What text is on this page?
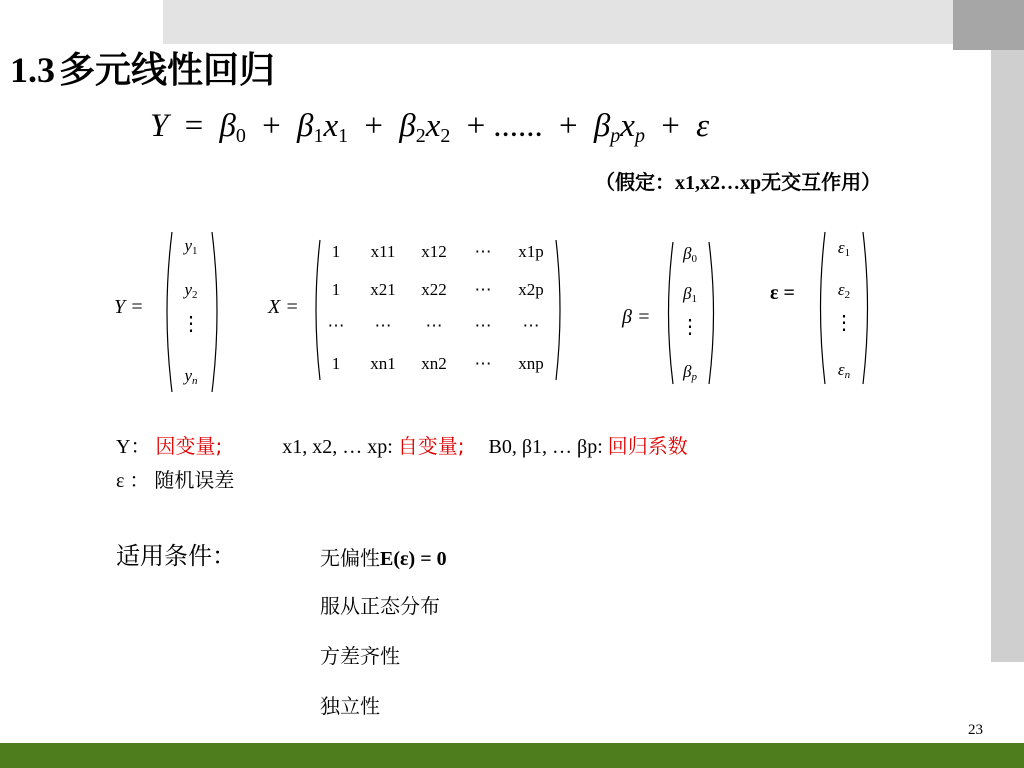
23
1.3 多元线性回归
$Y = \beta_0 + \beta_1x_1 + \beta_2x_2$ + ...... + $\beta_px_p + \varepsilon$
（假定：x1,x2…xp无交互作用）
Y =
$y_1$
$y_2$
⋮
$y_n$
X =
1 x11 x12 ⋯ x1p
1 x21 x22 ⋯ x2p
⋯ ⋯ ⋯ ⋯ ⋯
1 xn1 xn2 ⋯ xnp
β =
$\beta_0$
$\beta_1$
⋮
$\beta_p$
ε =
$\varepsilon_1$
$\varepsilon_2$
⋮
$\varepsilon_n$
Y： 因变量;	x1, x2, … xp: 自变量; B0, β1, … βp: 回归系数
ε ： 随机误差
适用条件：	无偏性E(ε) = 0
服从正态分布
方差齐性
独立性
